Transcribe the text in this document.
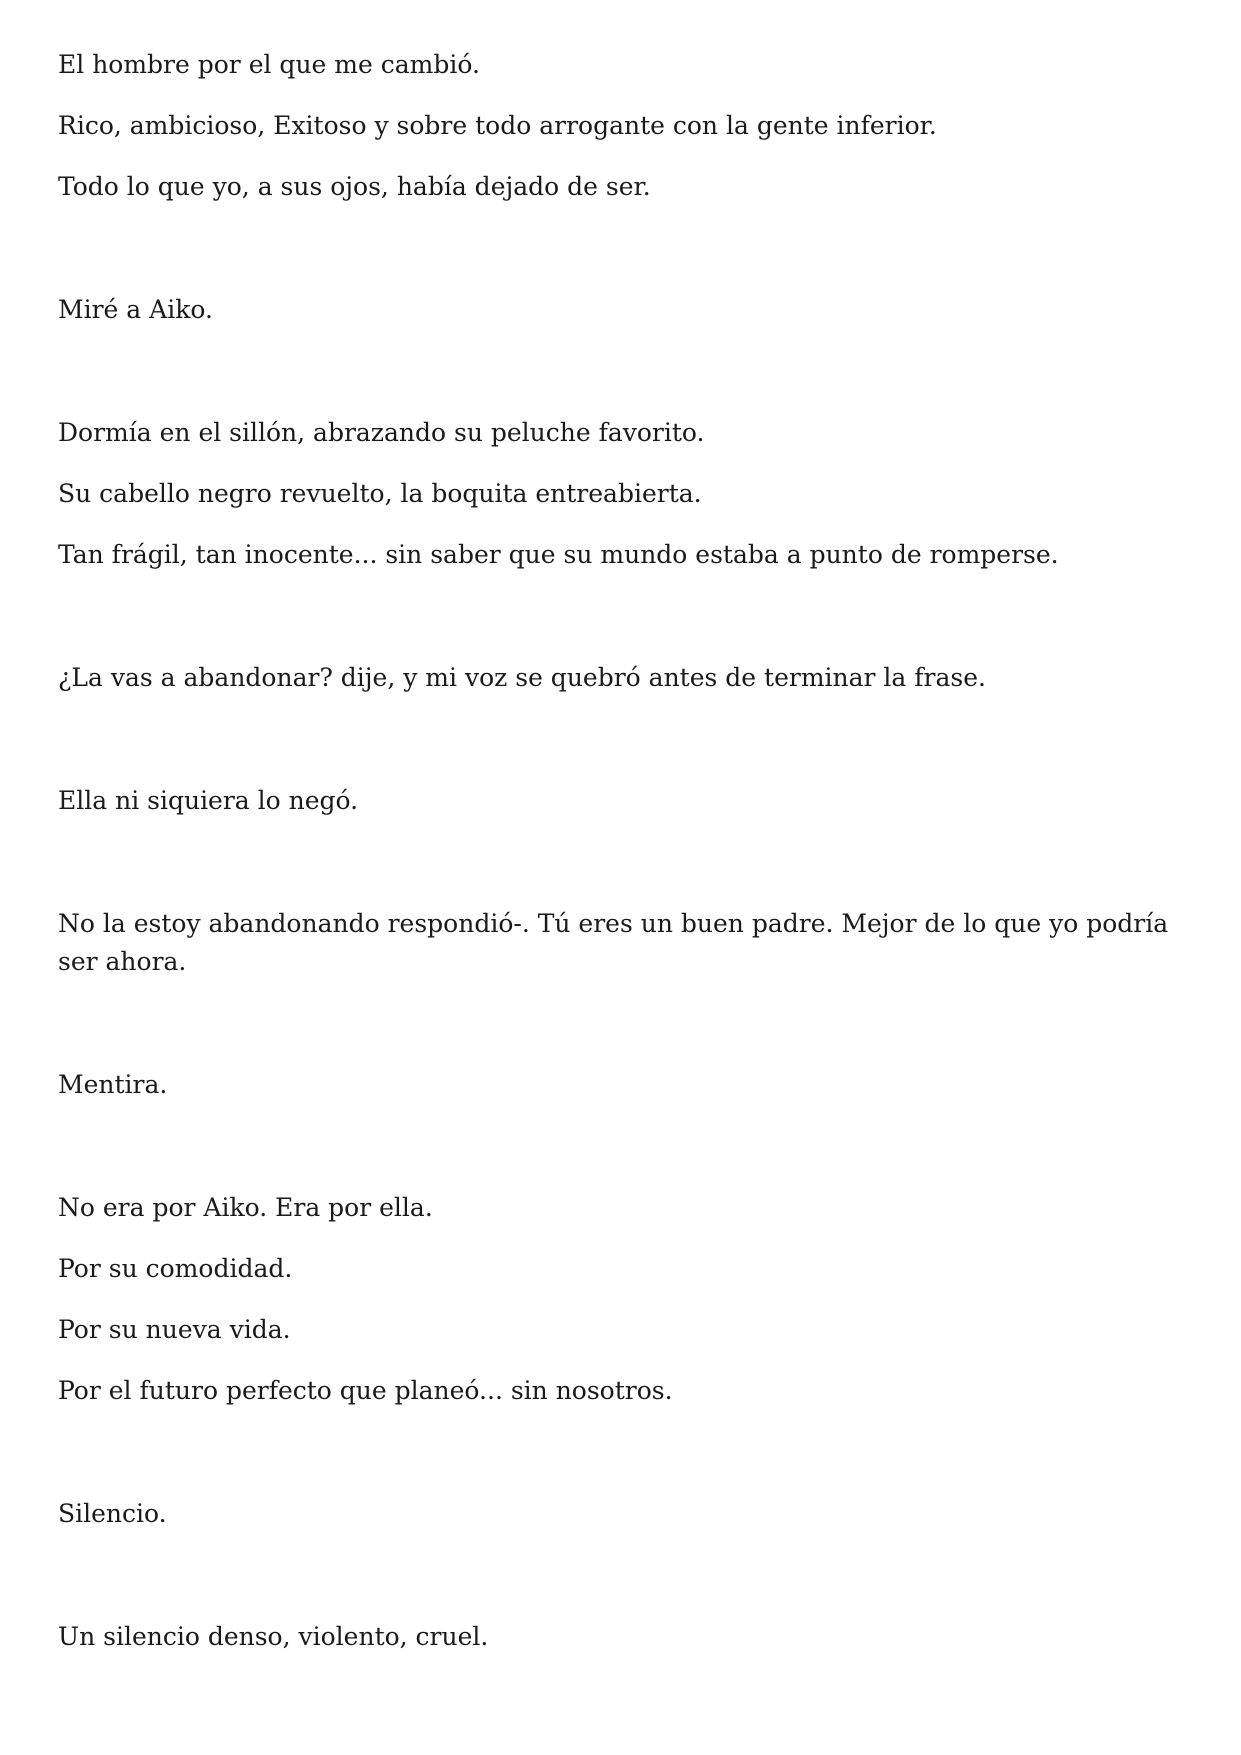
El hombre por el que me cambió.

Rico, ambicioso, Exitoso y sobre todo arrogante con la gente inferior.

Todo lo que yo, a sus ojos, había dejado de ser.

Miré a Aiko.

Dormía en el sillón, abrazando su peluche favorito.

Su cabello negro revuelto, la boquita entreabierta.

Tan frágil, tan inocente... sin saber que su mundo estaba a punto de romperse.

¿La vas a abandonar? dije, y mi voz se quebró antes de terminar la frase.

Ella ni siquiera lo negó.

No la estoy abandonando respondió-. Tú eres un buen padre. Mejor de lo que yo podría ser ahora.

Mentira.

No era por Aiko. Era por ella.

Por su comodidad.

Por su nueva vida.

Por el futuro perfecto que planeó... sin nosotros.

Silencio.

Un silencio denso, violento, cruel.
